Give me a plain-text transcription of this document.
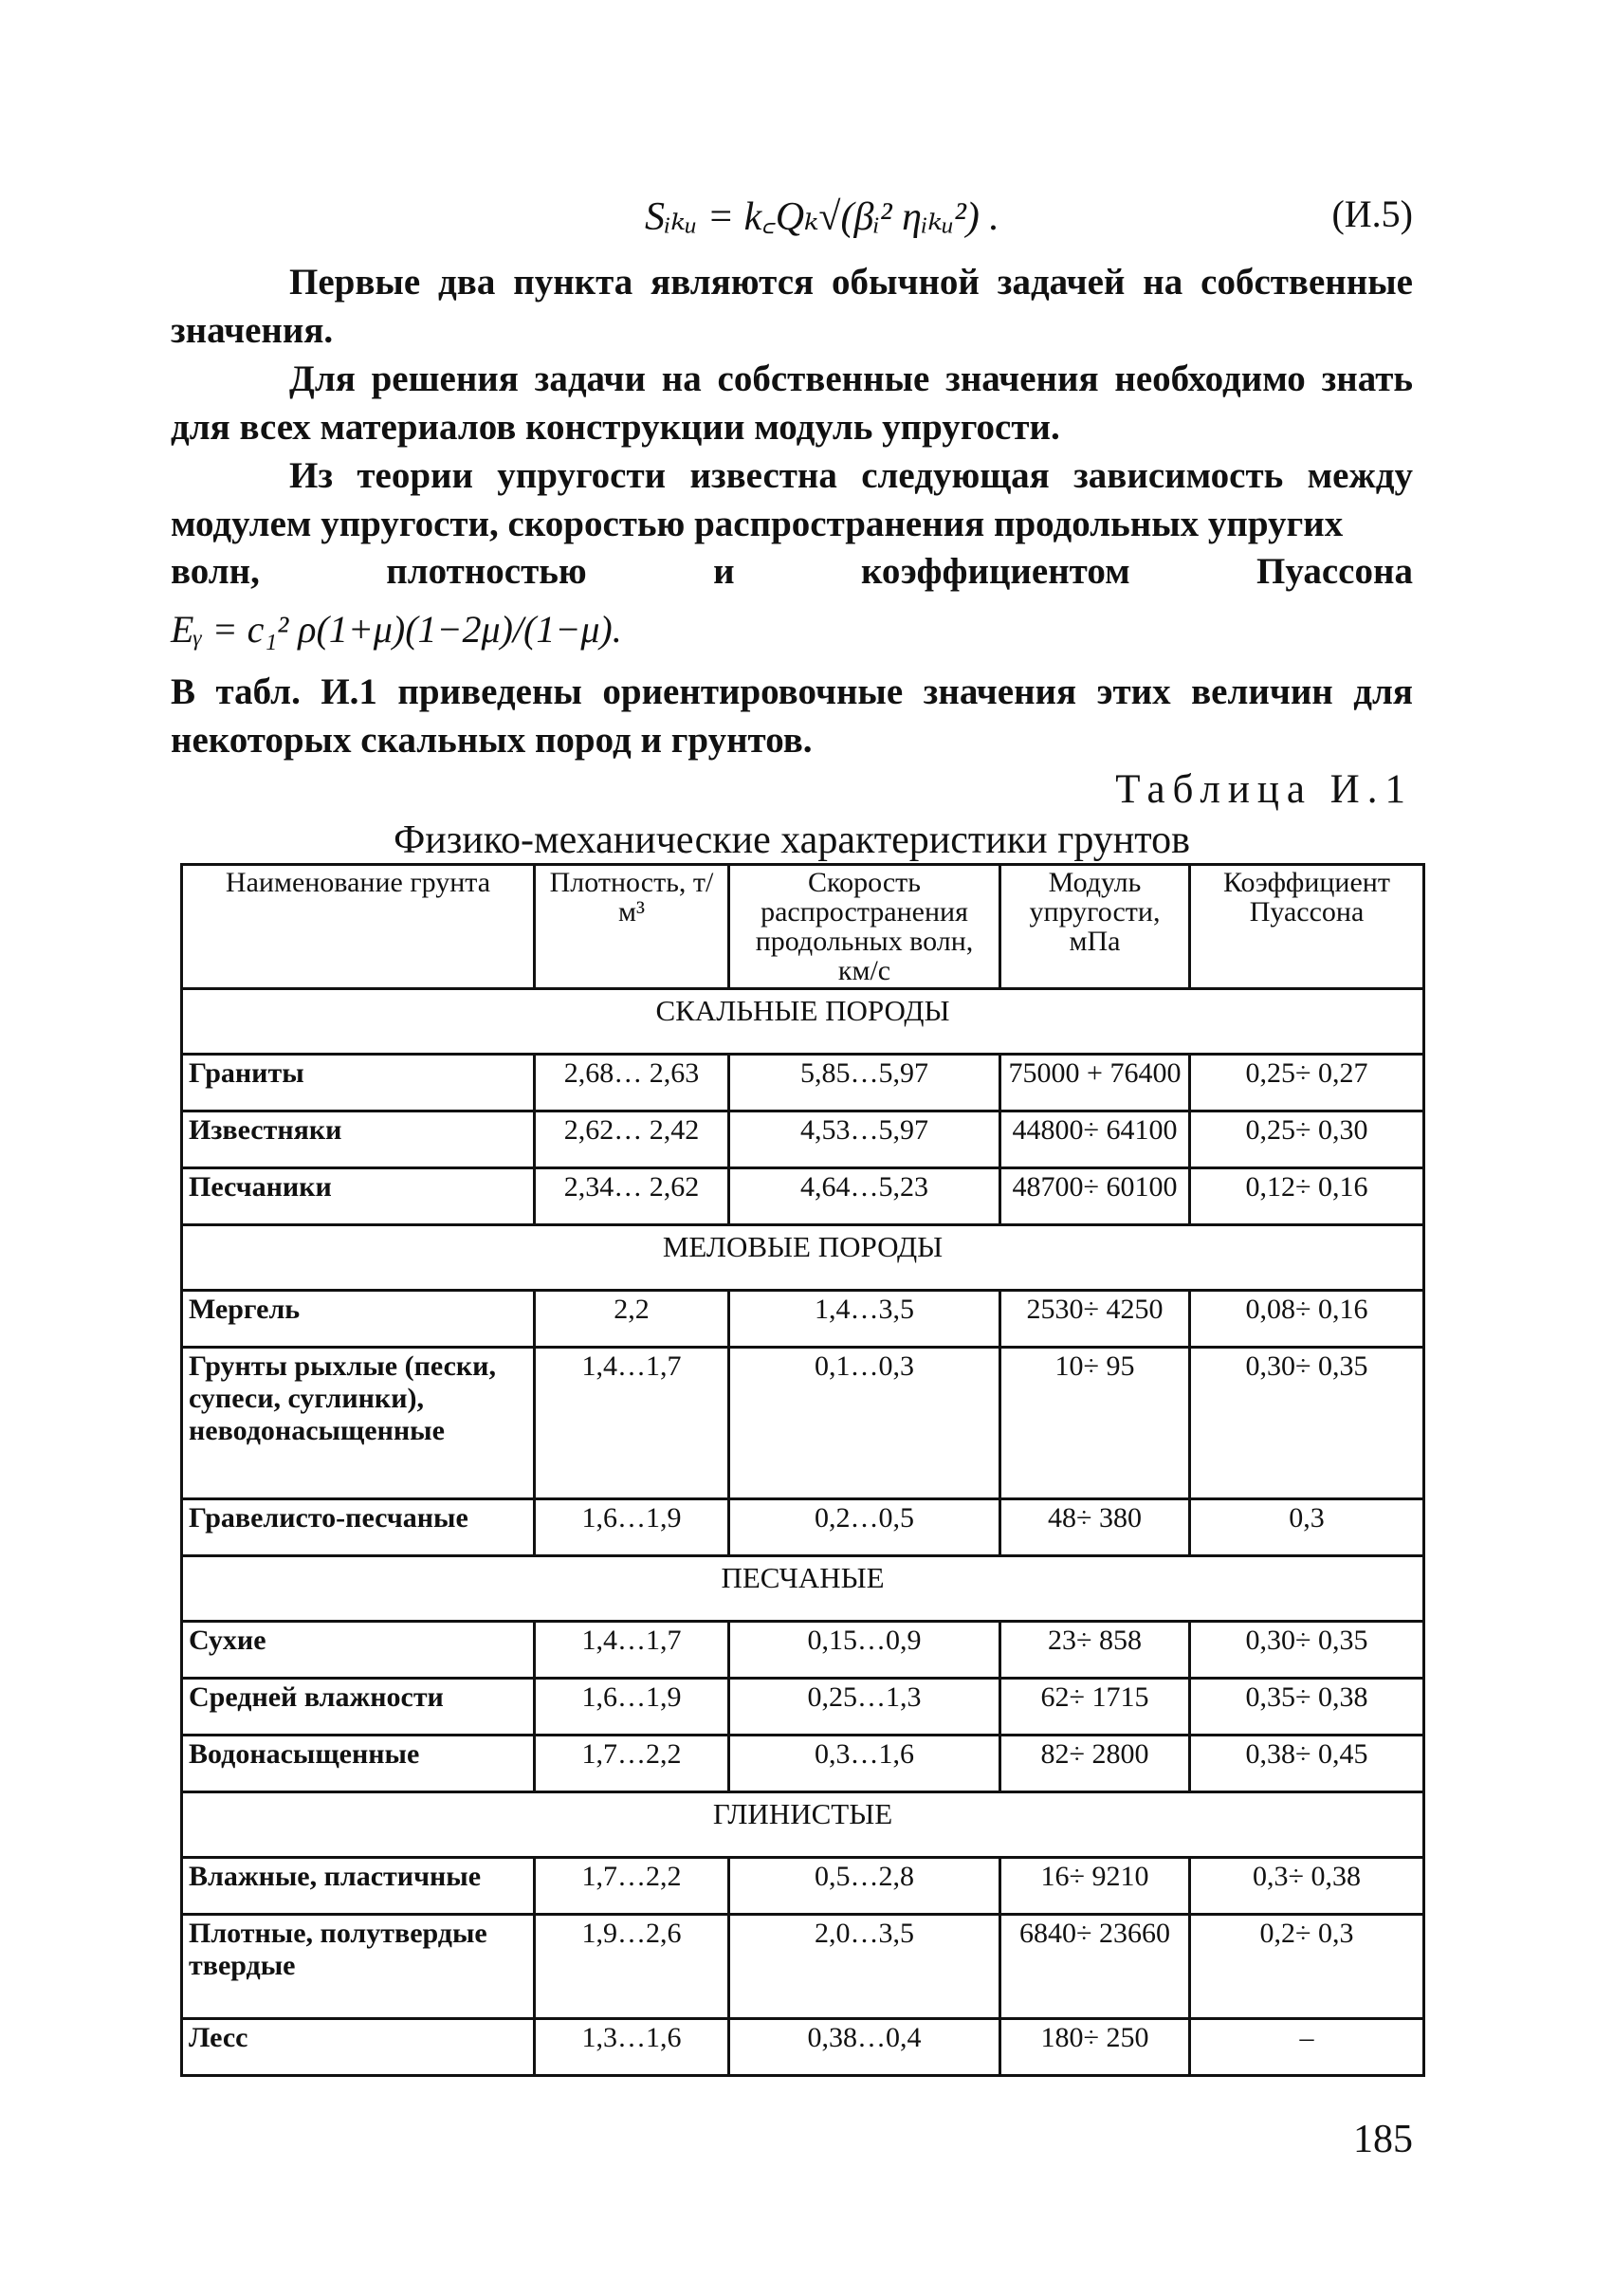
Sᵢₖᵤ = k꜀Qₖ√(βᵢ² ηᵢₖᵤ²) .	(И.5)
Первые два пункта являются обычной задачей на собственные значения.
Для решения задачи на собственные значения необходимо знать для всех материалов конструкции модуль упругости.
Из теории упругости известна следующая зависимость между модулем упругости, скоростью распространения продольных упругих
волн,	плотностью	и	коэффициентом	Пуассона
Eᵧ = c₁² ρ(1+μ)(1−2μ)/(1−μ).
В табл. И.1 приведены ориентировочные значения этих величин для некоторых скальных пород и грунтов.
Таблица И.1
Физико-механические характеристики грунтов
Наименование грунта	Плотность, т/м³	Скорость распространения продольных волн, км/с	Модуль упругости, мПа	Коэффициент Пуассона
СКАЛЬНЫЕ ПОРОДЫ				
Граниты	2,68… 2,63	5,85…5,97	75000 + 76400	0,25÷ 0,27
Известняки	2,62… 2,42	4,53…5,97	44800÷ 64100	0,25÷ 0,30
Песчаники	2,34… 2,62	4,64…5,23	48700÷ 60100	0,12÷ 0,16
МЕЛОВЫЕ ПОРОДЫ				
Мергель	2,2	1,4…3,5	2530÷ 4250	0,08÷ 0,16
Грунты рыхлые (пески, супеси, суглинки), неводонасыщенные	1,4…1,7	0,1…0,3	10÷ 95	0,30÷ 0,35
Гравелисто-песчаные	1,6…1,9	0,2…0,5	48÷ 380	0,3
ПЕСЧАНЫЕ				
Сухие	1,4…1,7	0,15…0,9	23÷ 858	0,30÷ 0,35
Средней влажности	1,6…1,9	0,25…1,3	62÷ 1715	0,35÷ 0,38
Водонасыщенные	1,7…2,2	0,3…1,6	82÷ 2800	0,38÷ 0,45
ГЛИНИСТЫЕ				
Влажные, пластичные	1,7…2,2	0,5…2,8	16÷ 9210	0,3÷ 0,38
Плотные, полутвердые твердые	1,9…2,6	2,0…3,5	6840÷ 23660	0,2÷ 0,3
Лесс	1,3…1,6	0,38…0,4	180÷ 250	–
185
